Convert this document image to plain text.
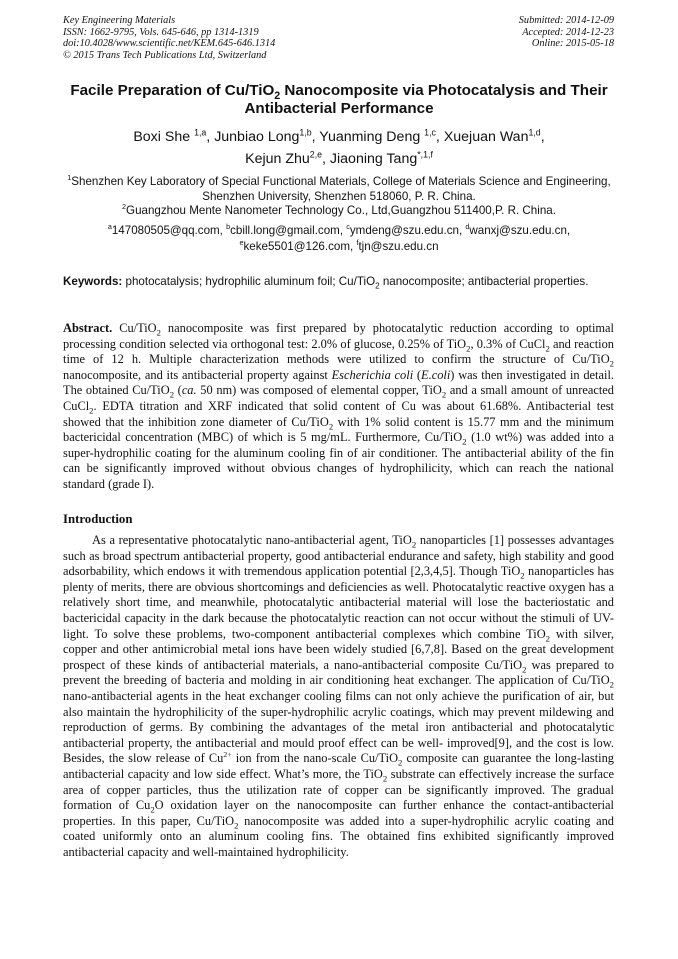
Key Engineering Materials
ISSN: 1662-9795, Vols. 645-646, pp 1314-1319
doi:10.4028/www.scientific.net/KEM.645-646.1314
© 2015 Trans Tech Publications Ltd, Switzerland
Submitted: 2014-12-09
Accepted: 2014-12-23
Online: 2015-05-18
Facile Preparation of Cu/TiO$_2$ Nanocomposite via Photocatalysis and Their Antibacterial Performance
Boxi She $^{1,a}$, Junbiao Long$^{1,b}$, Yuanming Deng $^{1,c}$, Xuejuan Wan$^{1,d}$,
Kejun Zhu$^{2,e}$, Jiaoning Tang$^{*,1,f}$
$^1$Shenzhen Key Laboratory of Special Functional Materials, College of Materials Science and Engineering, Shenzhen University, Shenzhen 518060, P. R. China.
$^2$Guangzhou Mente Nanometer Technology Co., Ltd,Guangzhou 511400,P. R. China.
$^a$147080505@qq.com, $^b$cbill.long@gmail.com, $^c$ymdeng@szu.edu.cn, $^d$wanxj@szu.edu.cn,
$^e$keke5501@126.com, $^f$tjn@szu.edu.cn
Keywords: photocatalysis; hydrophilic aluminum foil; Cu/TiO$_2$ nanocomposite; antibacterial properties.
Abstract. Cu/TiO$_2$ nanocomposite was first prepared by photocatalytic reduction according to optimal processing condition selected via orthogonal test: 2.0% of glucose, 0.25% of TiO$_2$, 0.3% of CuCl$_2$ and reaction time of 12 h. Multiple characterization methods were utilized to confirm the structure of Cu/TiO$_2$ nanocomposite, and its antibacterial property against Escherichia coli (E.coli) was then investigated in detail. The obtained Cu/TiO$_2$ (ca. 50 nm) was composed of elemental copper, TiO$_2$ and a small amount of unreacted CuCl$_2$. EDTA titration and XRF indicated that solid content of Cu was about 61.68%. Antibacterial test showed that the inhibition zone diameter of Cu/TiO$_2$ with 1% solid content is 15.77 mm and the minimum bactericidal concentration (MBC) of which is 5 mg/mL. Furthermore, Cu/TiO$_2$ (1.0 wt%) was added into a super-hydrophilic coating for the aluminum cooling fin of air conditioner. The antibacterial ability of the fin can be significantly improved without obvious changes of hydrophilicity, which can reach the national standard (grade I).
Introduction
As a representative photocatalytic nano-antibacterial agent, TiO$_2$ nanoparticles [1] possesses advantages such as broad spectrum antibacterial property, good antibacterial endurance and safety, high stability and good adsorbability, which endows it with tremendous application potential [2,3,4,5]. Though TiO$_2$ nanoparticles has plenty of merits, there are obvious shortcomings and deficiencies as well. Photocatalytic reactive oxygen has a relatively short time, and meanwhile, photocatalytic antibacterial material will lose the bacteriostatic and bactericidal capacity in the dark because the photocatalytic reaction can not occur without the stimuli of UV-light. To solve these problems, two-component antibacterial complexes which combine TiO$_2$ with silver, copper and other antimicrobial metal ions have been widely studied [6,7,8]. Based on the great development prospect of these kinds of antibacterial materials, a nano-antibacterial composite Cu/TiO$_2$ was prepared to prevent the breeding of bacteria and molding in air conditioning heat exchanger. The application of Cu/TiO$_2$ nano-antibacterial agents in the heat exchanger cooling films can not only achieve the purification of air, but also maintain the hydrophilicity of the super-hydrophilic acrylic coatings, which may prevent mildewing and reproduction of germs. By combining the advantages of the metal iron antibacterial and photocatalytic antibacterial property, the antibacterial and mould proof effect can be well- improved[9], and the cost is low. Besides, the slow release of $Cu^{2+}$ ion from the nano-scale Cu/TiO$_2$ composite can guarantee the long-lasting antibacterial capacity and low side effect. What’s more, the TiO$_2$ substrate can effectively increase the surface area of copper particles, thus the utilization rate of copper can be significantly improved. The gradual formation of $Cu_2O$ oxidation layer on the nanocomposite can further enhance the contact-antibacterial properties. In this paper, Cu/TiO$_2$ nanocomposite was added into a super-hydrophilic acrylic coating and coated uniformly onto an aluminum cooling fins. The obtained fins exhibited significantly improved antibacterial capacity and well-maintained hydrophilicity.
